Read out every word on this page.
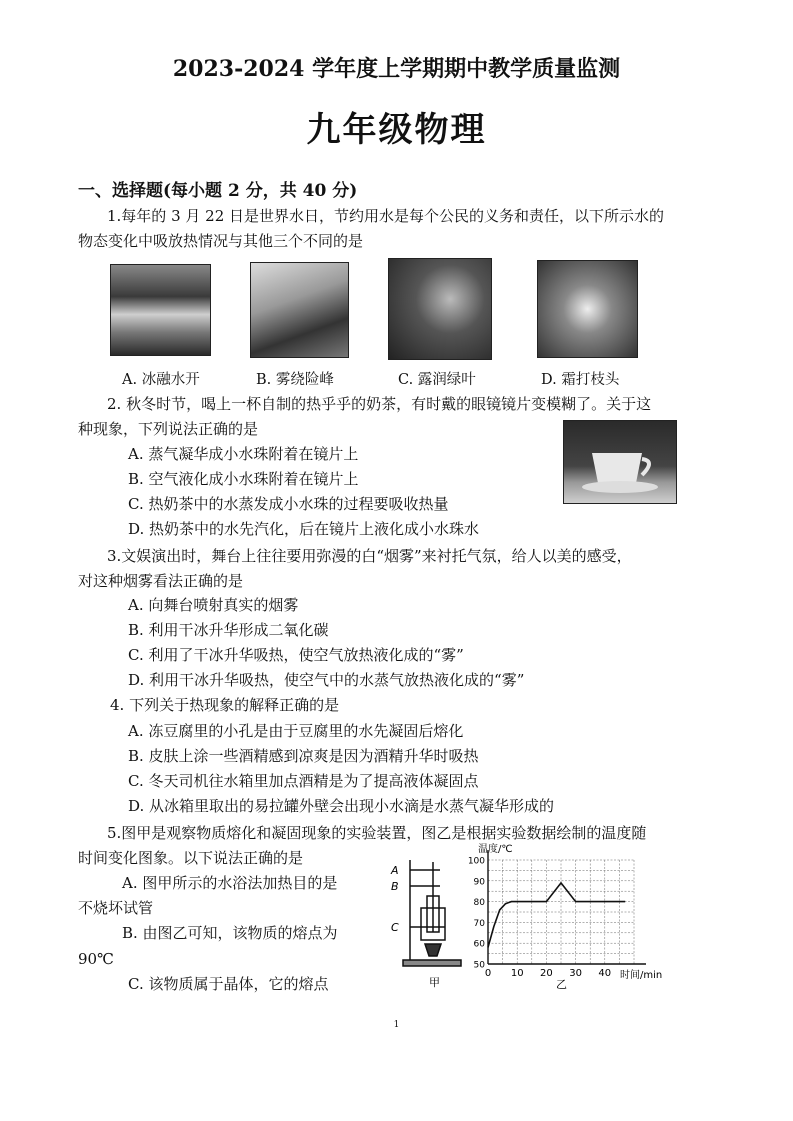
2023-2024 学年度上学期期中教学质量监测
九年级物理
一、选择题(每小题 2 分，共 40 分)
1.每年的 3 月 22 日是世界水日，节约用水是每个公民的义务和责任，以下所示水的
物态变化中吸放热情况与其他三个不同的是
A. 冰融水开	B. 雾绕险峰	C. 露润绿叶	D. 霜打枝头
2. 秋冬时节，喝上一杯自制的热乎乎的奶茶，有时戴的眼镜镜片变模糊了。关于这
种现象，下列说法正确的是
A. 蒸气凝华成小水珠附着在镜片上
B. 空气液化成小水珠附着在镜片上
C. 热奶茶中的水蒸发成小水珠的过程要吸收热量
D. 热奶茶中的水先汽化，后在镜片上液化成小水珠水
3.文娱演出时，舞台上往往要用弥漫的白“烟雾”来衬托气氛，给人以美的感受，
对这种烟雾看法正确的是
A. 向舞台喷射真实的烟雾
B. 利用干冰升华形成二氧化碳
C. 利用了干冰升华吸热，使空气放热液化成的“雾”
D. 利用干冰升华吸热，使空气中的水蒸气放热液化成的“雾”
4. 下列关于热现象的解释正确的是
A. 冻豆腐里的小孔是由于豆腐里的水先凝固后熔化
B. 皮肤上涂一些酒精感到凉爽是因为酒精升华时吸热
C. 冬天司机往水箱里加点酒精是为了提高液体凝固点
D. 从冰箱里取出的易拉罐外壁会出现小水滴是水蒸气凝华形成的
5.图甲是观察物质熔化和凝固现象的实验装置，图乙是根据实验数据绘制的温度随
时间变化图象。以下说法正确的是
A. 图甲所示的水浴法加热目的是
不烧坏试管
B. 由图乙可知，该物质的熔点为
90℃
C. 该物质属于晶体，它的熔点
A
B
C
甲
0 10 20 30 40
50
60
70
80
90
100
温度/℃
时间/min
乙
1
